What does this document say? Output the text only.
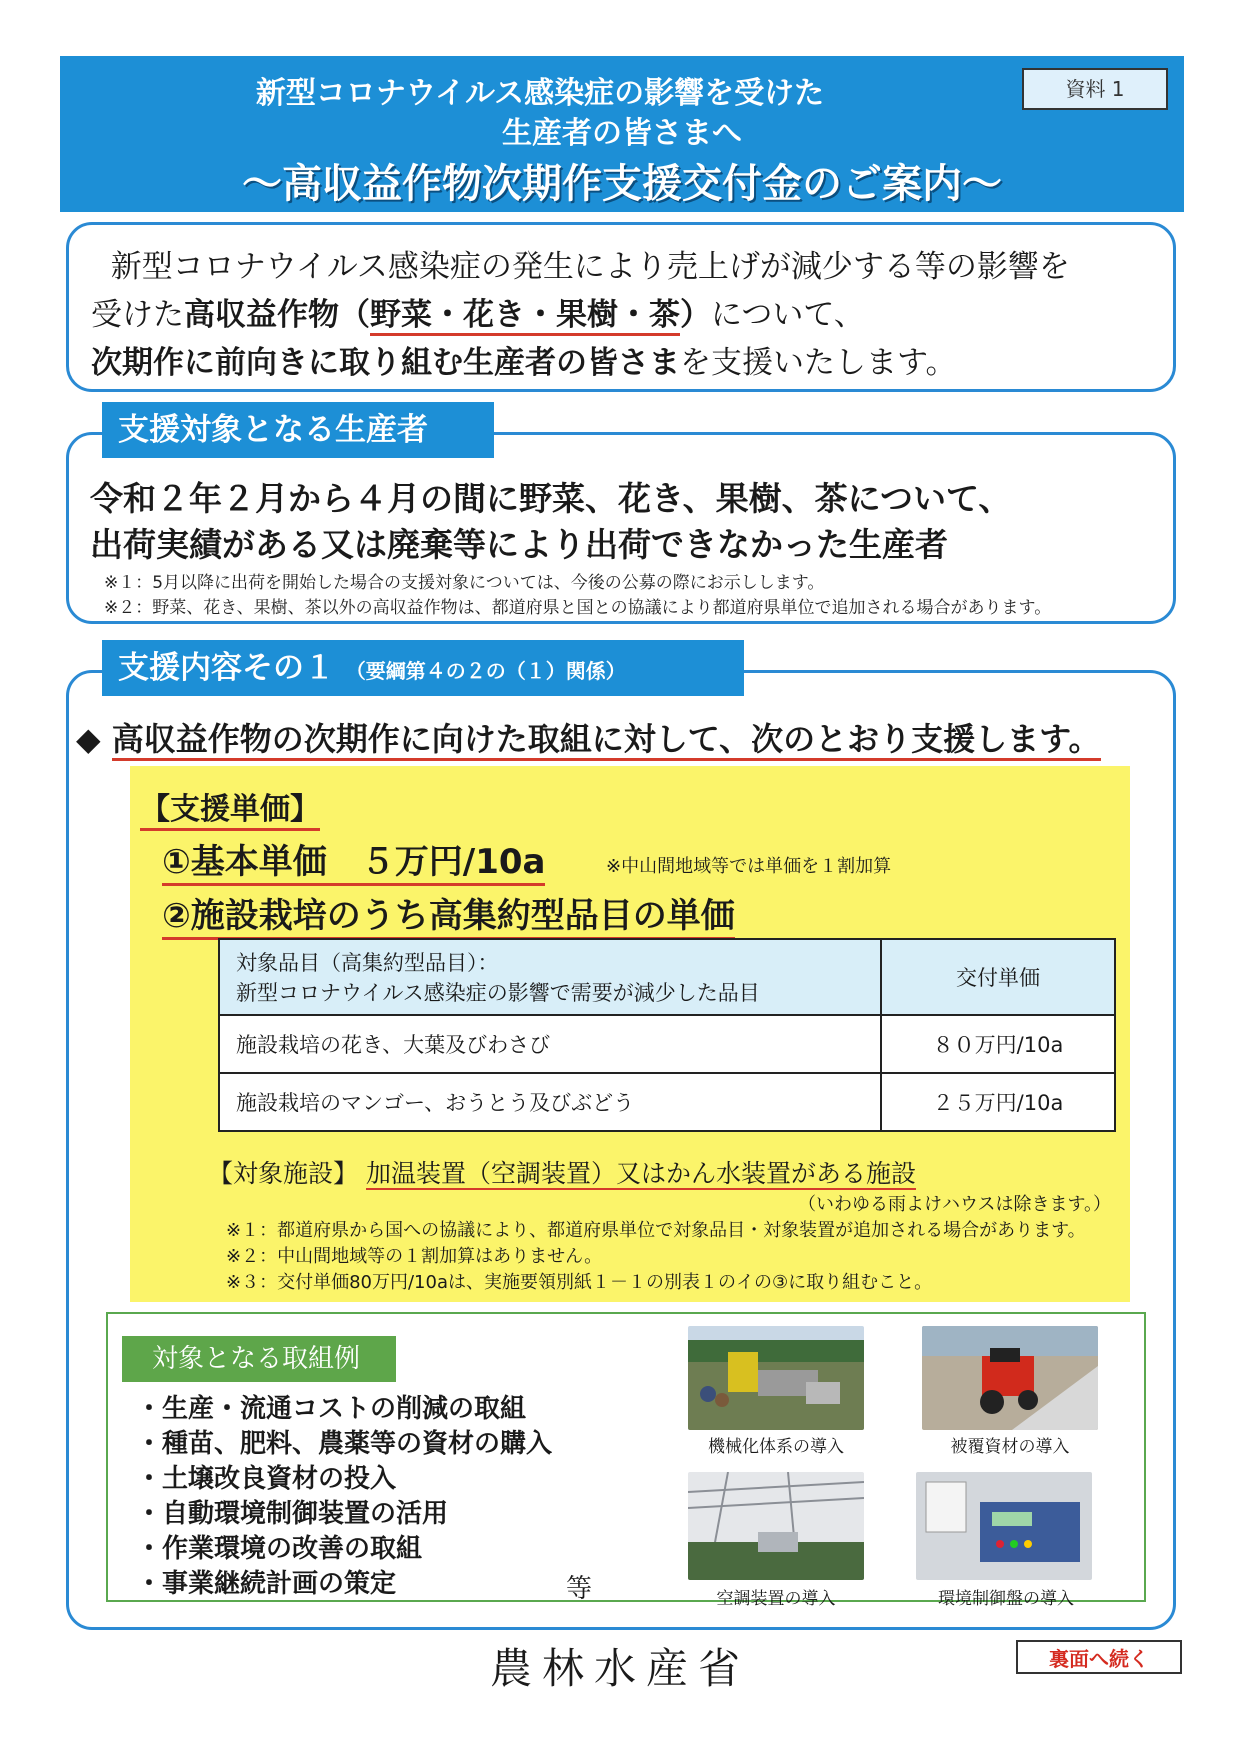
新型コロナウイルス感染症の影響を受けた
生産者の皆さまへ
～高収益作物次期作支援交付金のご案内～
資料 1
新型コロナウイルス感染症の発生により売上げが減少する等の影響を
受けた高収益作物（野菜・花き・果樹・茶）について、
次期作に前向きに取り組む生産者の皆さまを支援いたします。
支援対象となる生産者
令和２年２月から４月の間に野菜、花き、果樹、茶について、
出荷実績がある又は廃棄等により出荷できなかった生産者
※１：5月以降に出荷を開始した場合の支援対象については、今後の公募の際にお示しします。
※２：野菜、花き、果樹、茶以外の高収益作物は、都道府県と国との協議により都道府県単位で追加される場合があります。
支援内容その１ （要綱第４の２の（１）関係）
◆ 高収益作物の次期作に向けた取組に対して、次のとおり支援します。
【支援単価】
①基本単価　５万円/10a	※中山間地域等では単価を１割加算
②施設栽培のうち高集約型品目の単価
対象品目（高集約型品目）：
新型コロナウイルス感染症の影響で需要が減少した品目	交付単価
施設栽培の花き、大葉及びわさび	８０万円/10a
施設栽培のマンゴー、おうとう及びぶどう	２５万円/10a
【対象施設】 加温装置（空調装置）又はかん水装置がある施設
（いわゆる雨よけハウスは除きます。）
※１：都道府県から国への協議により、都道府県単位で対象品目・対象装置が追加される場合があります。
※２：中山間地域等の１割加算はありません。
※３：交付単価80万円/10aは、実施要領別紙１－１の別表１のイの③に取り組むこと。
対象となる取組例
・生産・流通コストの削減の取組
・種苗、肥料、農薬等の資材の購入
・土壌改良資材の投入
・自動環境制御装置の活用
・作業環境の改善の取組
・事業継続計画の策定	等
機械化体系の導入	被覆資材の導入
空調装置の導入	環境制御盤の導入
農林水産省	裏面へ続く
